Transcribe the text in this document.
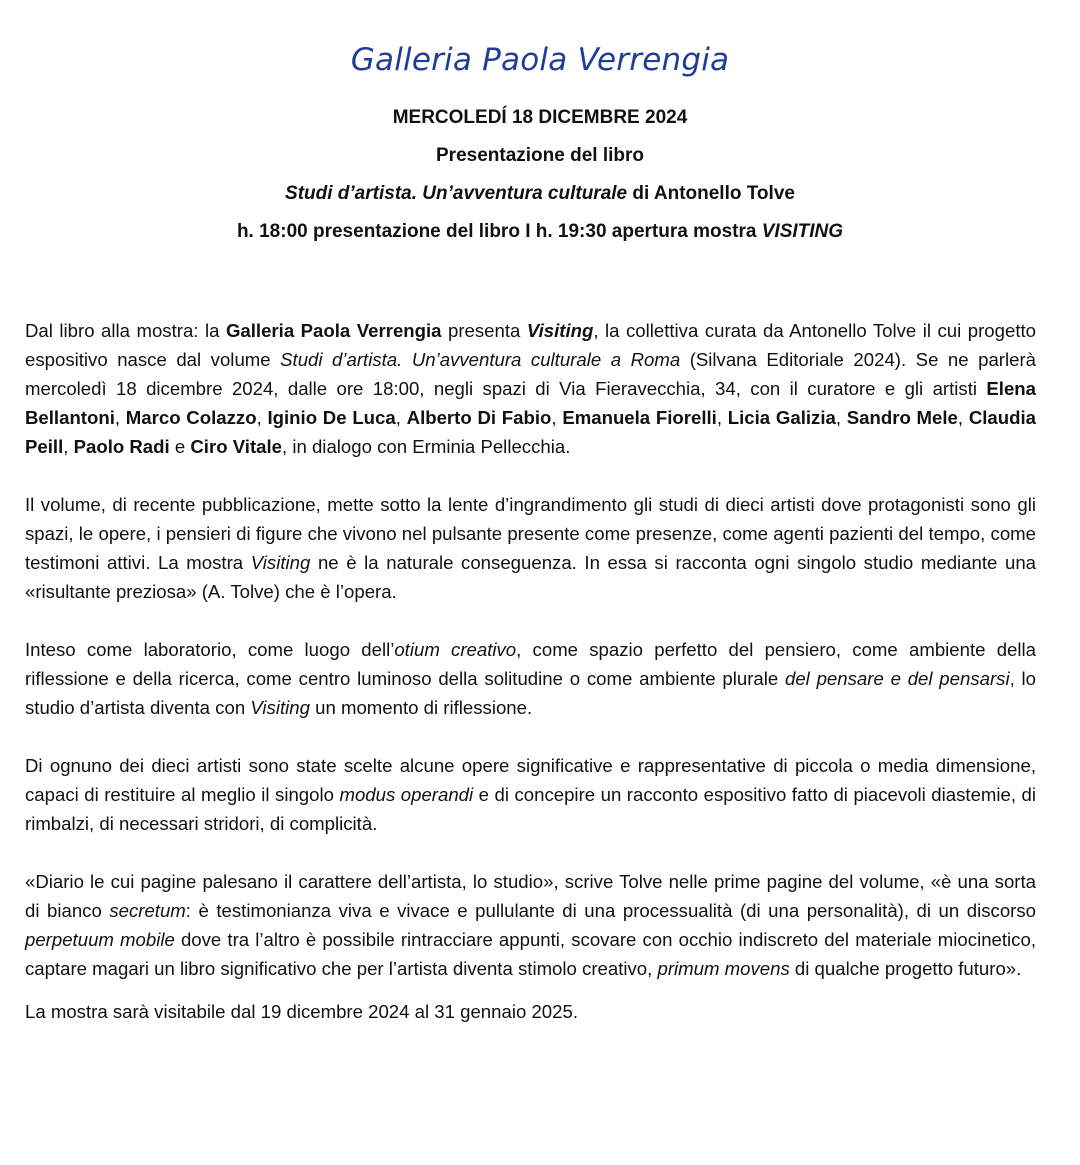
Galleria Paola Verrengia
MERCOLEDÍ 18 DICEMBRE 2024
Presentazione del libro
Studi d’artista. Un’avventura culturale di Antonello Tolve
h. 18:00 presentazione del libro I h. 19:30 apertura mostra VISITING

Dal libro alla mostra: la Galleria Paola Verrengia presenta Visiting, la collettiva curata da Antonello Tolve il cui progetto espositivo nasce dal volume Studi d’artista. Un’avventura culturale a Roma (Silvana Editoriale 2024). Se ne parlerà mercoledì 18 dicembre 2024, dalle ore 18:00, negli spazi di Via Fieravecchia, 34, con il curatore e gli artisti Elena Bellantoni, Marco Colazzo, Iginio De Luca, Alberto Di Fabio, Emanuela Fiorelli, Licia Galizia, Sandro Mele, Claudia Peill, Paolo Radi e Ciro Vitale, in dialogo con Erminia Pellecchia.

Il volume, di recente pubblicazione, mette sotto la lente d’ingrandimento gli studi di dieci artisti dove protagonisti sono gli spazi, le opere, i pensieri di figure che vivono nel pulsante presente come presenze, come agenti pazienti del tempo, come testimoni attivi. La mostra Visiting ne è la naturale conseguenza. In essa si racconta ogni singolo studio mediante una «risultante preziosa» (A. Tolve) che è l’opera.

Inteso come laboratorio, come luogo dell’otium creativo, come spazio perfetto del pensiero, come ambiente della riflessione e della ricerca, come centro luminoso della solitudine o come ambiente plurale del pensare e del pensarsi, lo studio d’artista diventa con Visiting un momento di riflessione.

Di ognuno dei dieci artisti sono state scelte alcune opere significative e rappresentative di piccola o media dimensione, capaci di restituire al meglio il singolo modus operandi e di concepire un racconto espositivo fatto di piacevoli diastemie, di rimbalzi, di necessari stridori, di complicità.

«Diario le cui pagine palesano il carattere dell’artista, lo studio», scrive Tolve nelle prime pagine del volume, «è una sorta di bianco secretum: è testimonianza viva e vivace e pullulante di una processualità (di una personalità), di un discorso perpetuum mobile dove tra l’altro è possibile rintracciare appunti, scovare con occhio indiscreto del materiale miocinetico, captare magari un libro significativo che per l’artista diventa stimolo creativo, primum movens di qualche progetto futuro».

La mostra sarà visitabile dal 19 dicembre 2024 al 31 gennaio 2025.
